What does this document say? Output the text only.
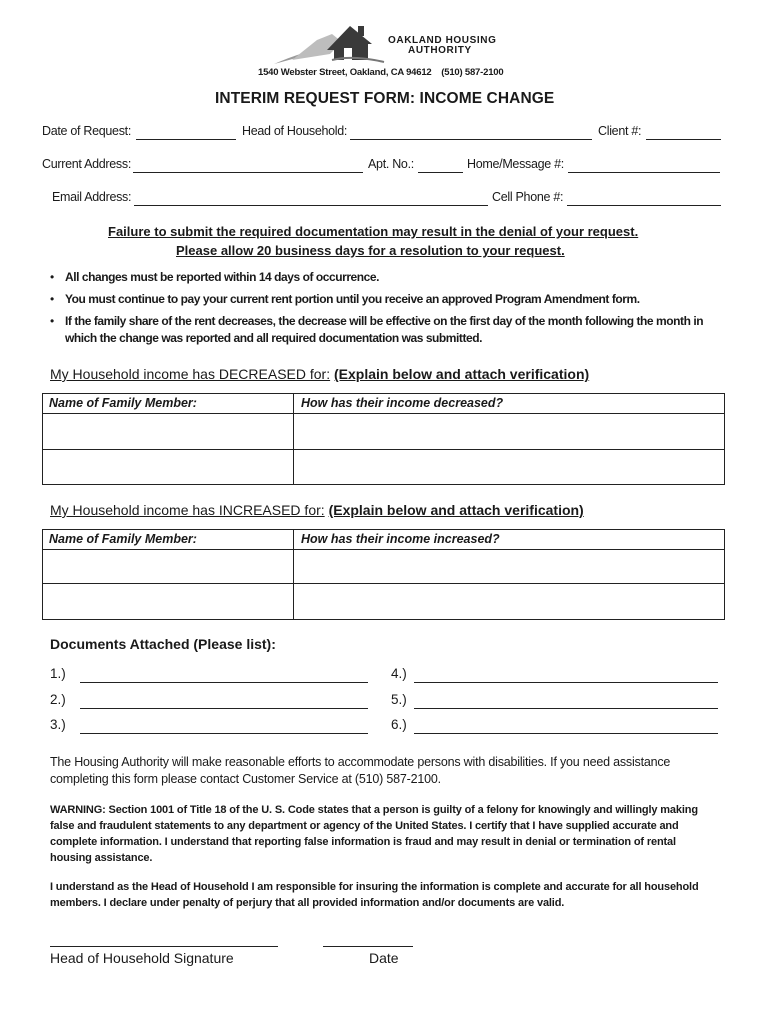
OAKLAND HOUSING
AUTHORITY
1540 Webster Street, Oakland, CA 94612    (510) 587-2100
INTERIM REQUEST FORM: INCOME CHANGE
Date of Request:	Head of Household:	Client #:
Current Address:	Apt. No.:	Home/Message #:
Email Address:	Cell Phone #:
Failure to submit the required documentation may result in the denial of your request.
Please allow 20 business days for a resolution to your request.
• All changes must be reported within 14 days of occurrence.
• You must continue to pay your current rent portion until you receive an approved Program Amendment form.
• If the family share of the rent decreases, the decrease will be effective on the first day of the month following the month in which the change was reported and all required documentation was submitted.
My Household income has DECREASED for: (Explain below and attach verification)
Name of Family Member:	How has their income decreased?
My Household income has INCREASED for: (Explain below and attach verification)
Name of Family Member:	How has their income increased?
Documents Attached (Please list):
1.)
2.)
3.)
4.)
5.)
6.)
The Housing Authority will make reasonable efforts to accommodate persons with disabilities. If you need assistance completing this form please contact Customer Service at (510) 587-2100.
WARNING: Section 1001 of Title 18 of the U. S. Code states that a person is guilty of a felony for knowingly and willingly making false and fraudulent statements to any department or agency of the United States. I certify that I have supplied accurate and complete information. I understand that reporting false information is fraud and may result in denial or termination of rental housing assistance.
I understand as the Head of Household I am responsible for insuring the information is complete and accurate for all household members. I declare under penalty of perjury that all provided information and/or documents are valid.
Head of Household Signature	Date
